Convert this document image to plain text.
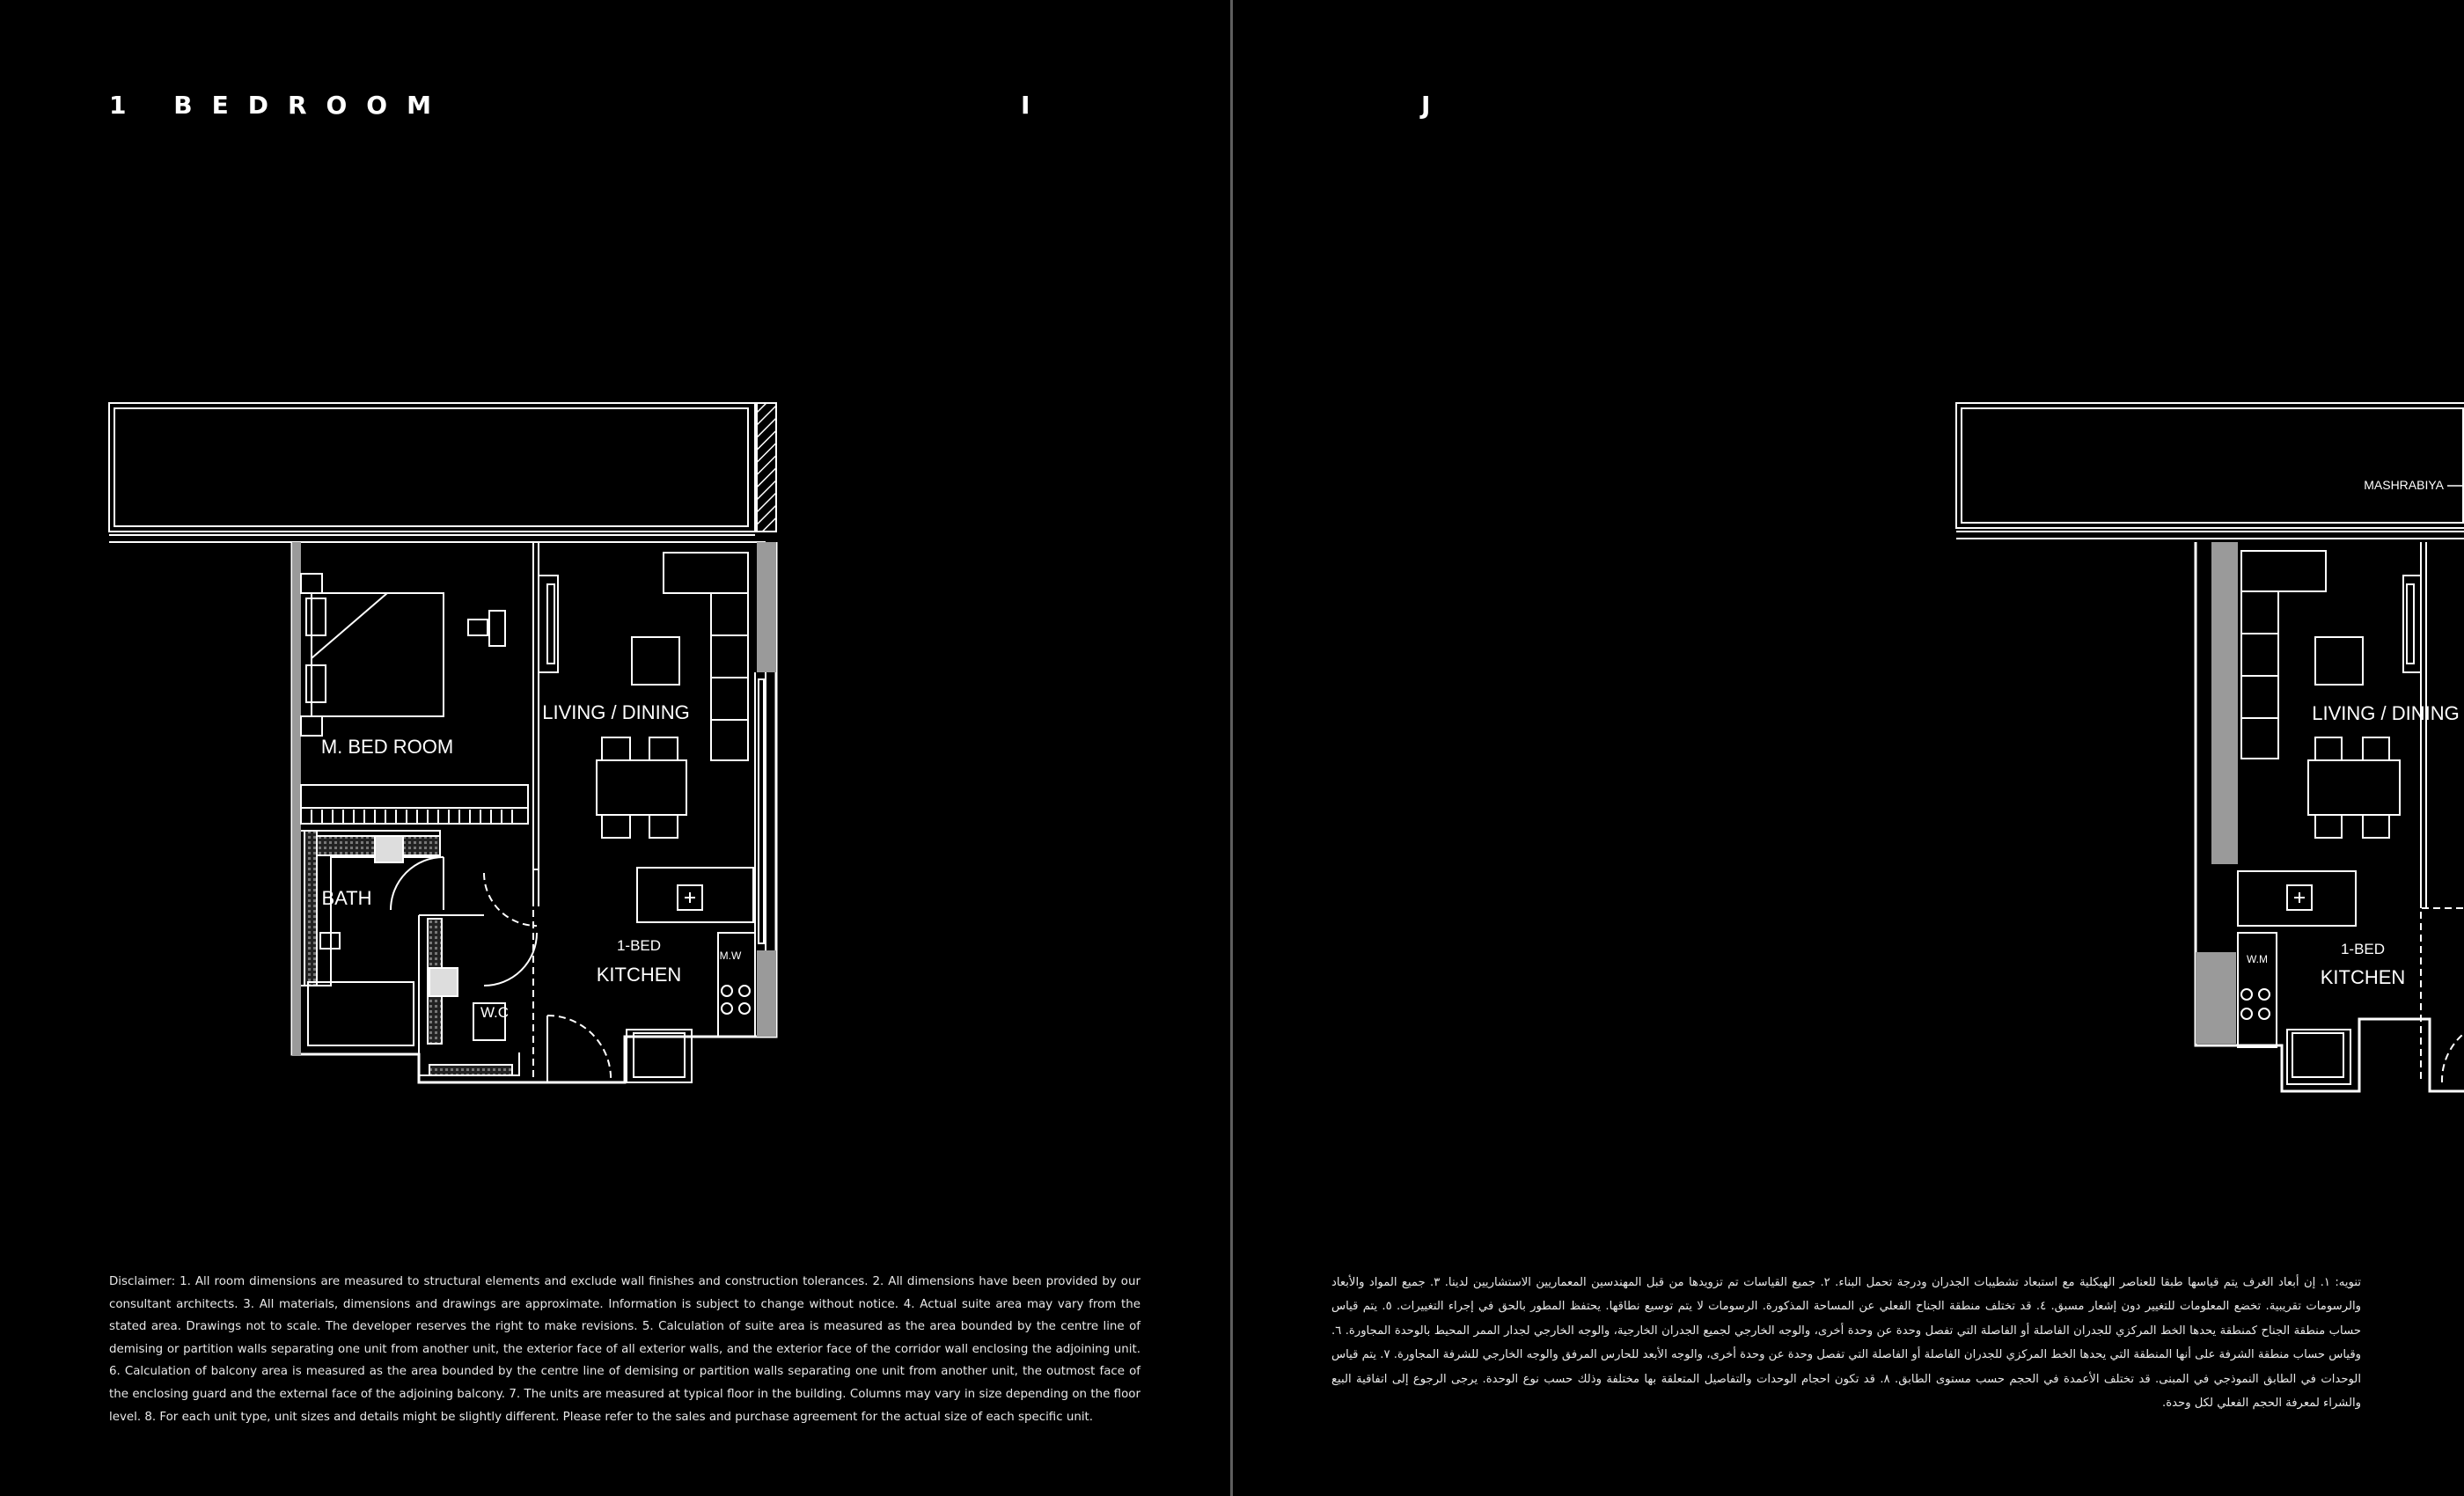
1 BEDROOM	I
M. BED ROOM
LIVING / DINING
BATH
W.C
1-BED
KITCHEN
M.W
Disclaimer: 1. All room dimensions are measured to structural elements and exclude wall finishes and construction tolerances. 2. All dimensions have been provided by our consultant architects. 3. All materials, dimensions and drawings are approximate. Information is subject to change without notice. 4. Actual suite area may vary from the stated area. Drawings not to scale. The developer reserves the right to make revisions. 5. Calculation of suite area is measured as the area bounded by the centre line of demising or partition walls separating one unit from another unit, the exterior face of all exterior walls, and the exterior face of the corridor wall enclosing the adjoining unit. 6. Calculation of balcony area is measured as the area bounded by the centre line of demising or partition walls separating one unit from another unit, the outmost face of the enclosing guard and the external face of the adjoining balcony. 7. The units are measured at typical floor in the building. Columns may vary in size depending on the floor level. 8. For each unit type, unit sizes and details might be slightly different. Please refer to the sales and purchase agreement for the actual size of each specific unit.
J
MASHRABIYA
LIVING / DINING
1-BED
KITCHEN
W.M
تنويه: ١. إن أبعاد الغرف يتم قياسها طبقا للعناصر الهيكلية مع استبعاد تشطيبات الجدران ودرجة تحمل البناء. ٢. جميع القياسات تم تزويدها من قبل المهندسين المعماريين الاستشاريين لدينا. ٣. جميع المواد والأبعاد والرسومات تقريبية. تخضع المعلومات للتغيير دون إشعار مسبق. ٤. قد تختلف منطقة الجناح الفعلي عن المساحة المذكورة. الرسومات لا يتم توسيع نطاقها. يحتفظ المطور بالحق في إجراء التغييرات. ٥. يتم قياس حساب منطقة الجناح كمنطقة يحدها الخط المركزي للجدران الفاصلة أو الفاصلة التي تفصل وحدة عن وحدة أخرى، والوجه الخارجي لجميع الجدران الخارجية، والوجه الخارجي لجدار الممر المحيط بالوحدة المجاورة. ٦. وقياس حساب منطقة الشرفة على أنها المنطقة التي يحدها الخط المركزي للجدران الفاصلة أو الفاصلة التي تفصل وحدة عن وحدة أخرى، والوجه الأبعد للحارس المرفق والوجه الخارجي للشرفة المجاورة. ٧. يتم قياس الوحدات في الطابق النموذجي في المبنى. قد تختلف الأعمدة في الحجم حسب مستوى الطابق. ٨. قد تكون احجام الوحدات والتفاصيل المتعلقة بها مختلفة وذلك حسب نوع الوحدة. يرجى الرجوع إلى اتفاقية البيع والشراء لمعرفة الحجم الفعلي لكل وحدة.
